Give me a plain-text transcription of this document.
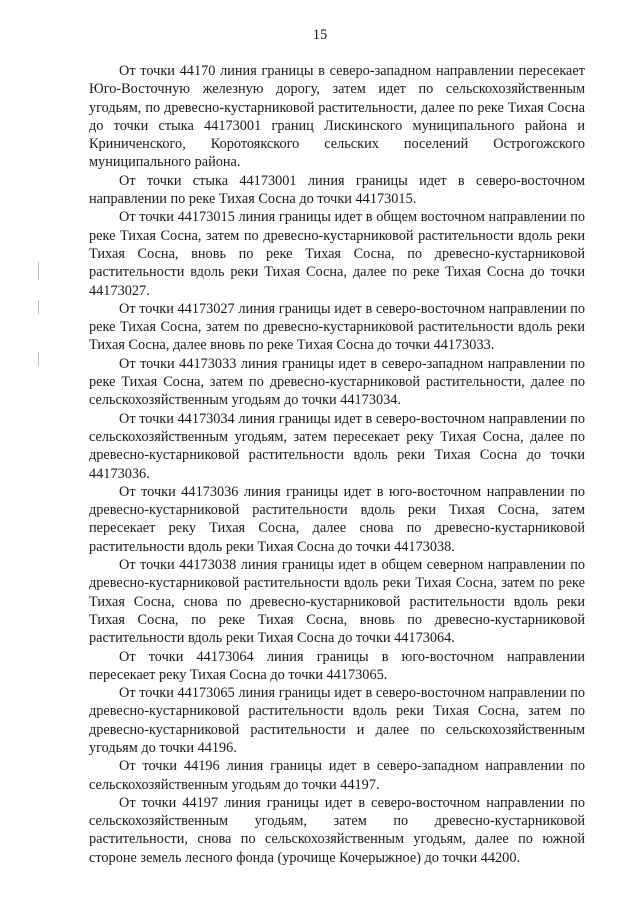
15

От точки 44170 линия границы в северо-западном направлении пересекает Юго-Восточную железную дорогу, затем идет по сельскохозяйственным угодьям, по древесно-кустарниковой растительности, далее по реке Тихая Сосна до точки стыка 44173001 границ Лискинского муниципального района и Криниченского, Коротоякского сельских поселений Острогожского муниципального района.

От точки стыка 44173001 линия границы идет в северо-восточном направлении по реке Тихая Сосна до точки 44173015.

От точки 44173015 линия границы идет в общем восточном направлении по реке Тихая Сосна, затем по древесно-кустарниковой растительности вдоль реки Тихая Сосна, вновь по реке Тихая Сосна, по древесно-кустарниковой растительности вдоль реки Тихая Сосна, далее по реке Тихая Сосна до точки 44173027.

От точки 44173027 линия границы идет в северо-восточном направлении по реке Тихая Сосна, затем по древесно-кустарниковой растительности вдоль реки Тихая Сосна, далее вновь по реке Тихая Сосна до точки 44173033.

От точки 44173033 линия границы идет в северо-западном направлении по реке Тихая Сосна, затем по древесно-кустарниковой растительности, далее по сельскохозяйственным угодьям до точки 44173034.

От точки 44173034 линия границы идет в северо-восточном направлении по сельскохозяйственным угодьям, затем пересекает реку Тихая Сосна, далее по древесно-кустарниковой растительности вдоль реки Тихая Сосна до точки 44173036.

От точки 44173036 линия границы идет в юго-восточном направлении по древесно-кустарниковой растительности вдоль реки Тихая Сосна, затем пересекает реку Тихая Сосна, далее снова по древесно-кустарниковой растительности вдоль реки Тихая Сосна до точки 44173038.

От точки 44173038 линия границы идет в общем северном направлении по древесно-кустарниковой растительности вдоль реки Тихая Сосна, затем по реке Тихая Сосна, снова по древесно-кустарниковой растительности вдоль реки Тихая Сосна, по реке Тихая Сосна, вновь по древесно-кустарниковой растительности вдоль реки Тихая Сосна до точки 44173064.

От точки 44173064 линия границы в юго-восточном направлении пересекает реку Тихая Сосна до точки 44173065.

От точки 44173065 линия границы идет в северо-восточном направлении по древесно-кустарниковой растительности вдоль реки Тихая Сосна, затем по древесно-кустарниковой растительности и далее по сельскохозяйственным угодьям до точки 44196.

От точки 44196 линия границы идет в северо-западном направлении по сельскохозяйственным угодьям до точки 44197.

От точки 44197 линия границы идет в северо-восточном направлении по сельскохозяйственным угодьям, затем по древесно-кустарниковой растительности, снова по сельскохозяйственным угодьям, далее по южной стороне земель лесного фонда (урочище Кочерыжное) до точки 44200.
